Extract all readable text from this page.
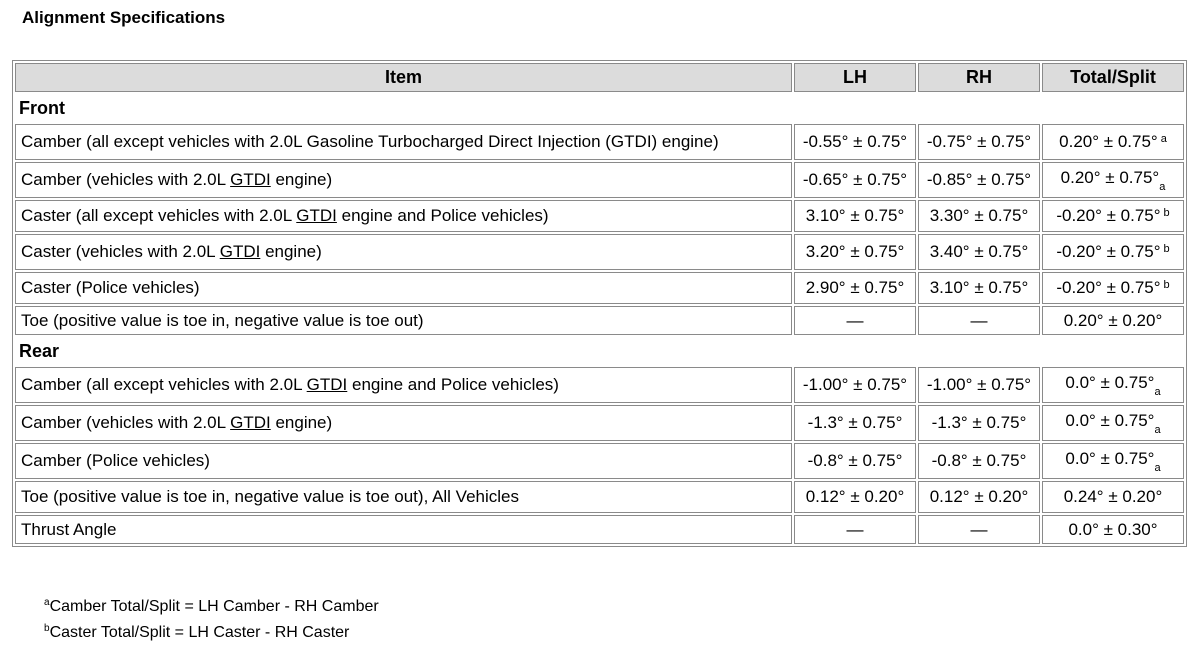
Alignment Specifications
Item	LH	RH	Total/Split
Front			
Camber (all except vehicles with 2.0L Gasoline Turbocharged Direct Injection (GTDI) engine)	-0.55° ± 0.75°	-0.75° ± 0.75°	0.20° ± 0.75° $^a$
Camber (vehicles with 2.0L GTDI engine)	-0.65° ± 0.75°	-0.85° ± 0.75°	$0.20^\circ \pm 0.75^\circ_a$
Caster (all except vehicles with 2.0L GTDI engine and Police vehicles)	3.10° ± 0.75°	3.30° ± 0.75°	-0.20° ± 0.75° $^b$
Caster (vehicles with 2.0L GTDI engine)	3.20° ± 0.75°	3.40° ± 0.75°	-0.20° ± 0.75° $^b$
Caster (Police vehicles)	2.90° ± 0.75°	3.10° ± 0.75°	-0.20° ± 0.75° $^b$
Toe (positive value is toe in, negative value is toe out)	—	—	0.20° ± 0.20°
Rear			
Camber (all except vehicles with 2.0L GTDI engine and Police vehicles)	-1.00° ± 0.75°	-1.00° ± 0.75°	$0.0^\circ \pm 0.75^\circ_a$
Camber (vehicles with 2.0L GTDI engine)	-1.3° ± 0.75°	-1.3° ± 0.75°	$0.0^\circ \pm 0.75^\circ_a$
Camber (Police vehicles)	-0.8° ± 0.75°	-0.8° ± 0.75°	$0.0^\circ \pm 0.75^\circ_a$
Toe (positive value is toe in, negative value is toe out), All Vehicles	0.12° ± 0.20°	0.12° ± 0.20°	0.24° ± 0.20°
Thrust Angle	—	—	0.0° ± 0.30°
$^a$Camber Total/Split = LH Camber - RH Camber
$^b$Caster Total/Split = LH Caster - RH Caster
